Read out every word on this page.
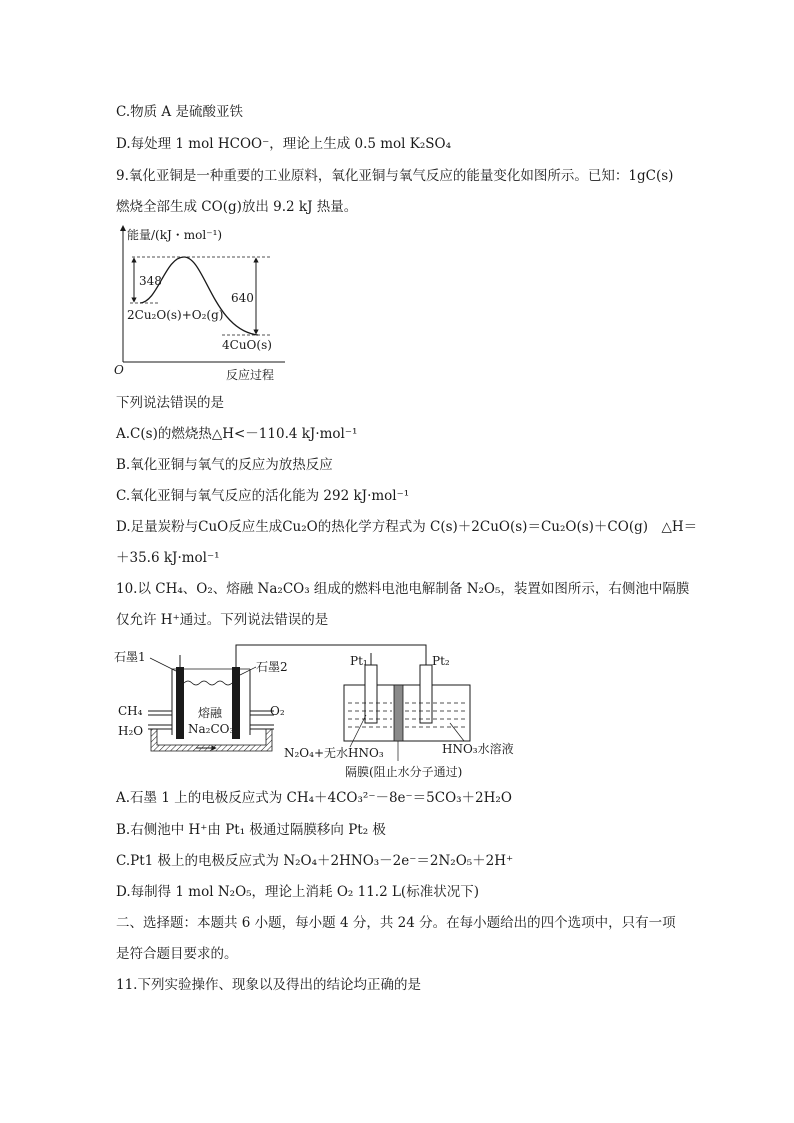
C.物质 A 是硫酸亚铁
D.每处理 1 mol HCOO⁻，理论上生成 0.5 mol K₂SO₄
9.氧化亚铜是一种重要的工业原料，氧化亚铜与氧气反应的能量变化如图所示。已知：1gC(s)
燃烧全部生成 CO(g)放出 9.2 kJ 热量。
O
能量/(kJ・mol⁻¹)
反应过程
348
640
2Cu₂O(s)+O₂(g)
4CuO(s)
下列说法错误的是
A.C(s)的燃烧热△H<－110.4 kJ·mol⁻¹
B.氧化亚铜与氧气的反应为放热反应
C.氧化亚铜与氧气反应的活化能为 292 kJ·mol⁻¹
D.足量炭粉与CuO反应生成Cu₂O的热化学方程式为 C(s)＋2CuO(s)＝Cu₂O(s)＋CO(g)　△H＝
＋35.6 kJ·mol⁻¹
10.以 CH₄、O₂、熔融 Na₂CO₃ 组成的燃料电池电解制备 N₂O₅，装置如图所示，右侧池中隔膜
仅允许 H⁺通过。下列说法错误的是
石墨1
石墨2
CH₄
H₂O
O₂
熔融
Na₂CO₃
Pt₁	Pt₂
N₂O₄+无水HNO₃	HNO₃水溶液
隔膜(阻止水分子通过)
A.石墨 1 上的电极反应式为 CH₄＋4CO₃²⁻－8e⁻＝5CO₃＋2H₂O
B.右侧池中 H⁺由 Pt₁ 极通过隔膜移向 Pt₂ 极
C.Pt1 极上的电极反应式为 N₂O₄＋2HNO₃－2e⁻＝2N₂O₅＋2H⁺
D.每制得 1 mol N₂O₅，理论上消耗 O₂ 11.2 L(标准状况下)
二、选择题：本题共 6 小题，每小题 4 分，共 24 分。在每小题给出的四个选项中，只有一项
是符合题目要求的。
11.下列实验操作、现象以及得出的结论均正确的是
